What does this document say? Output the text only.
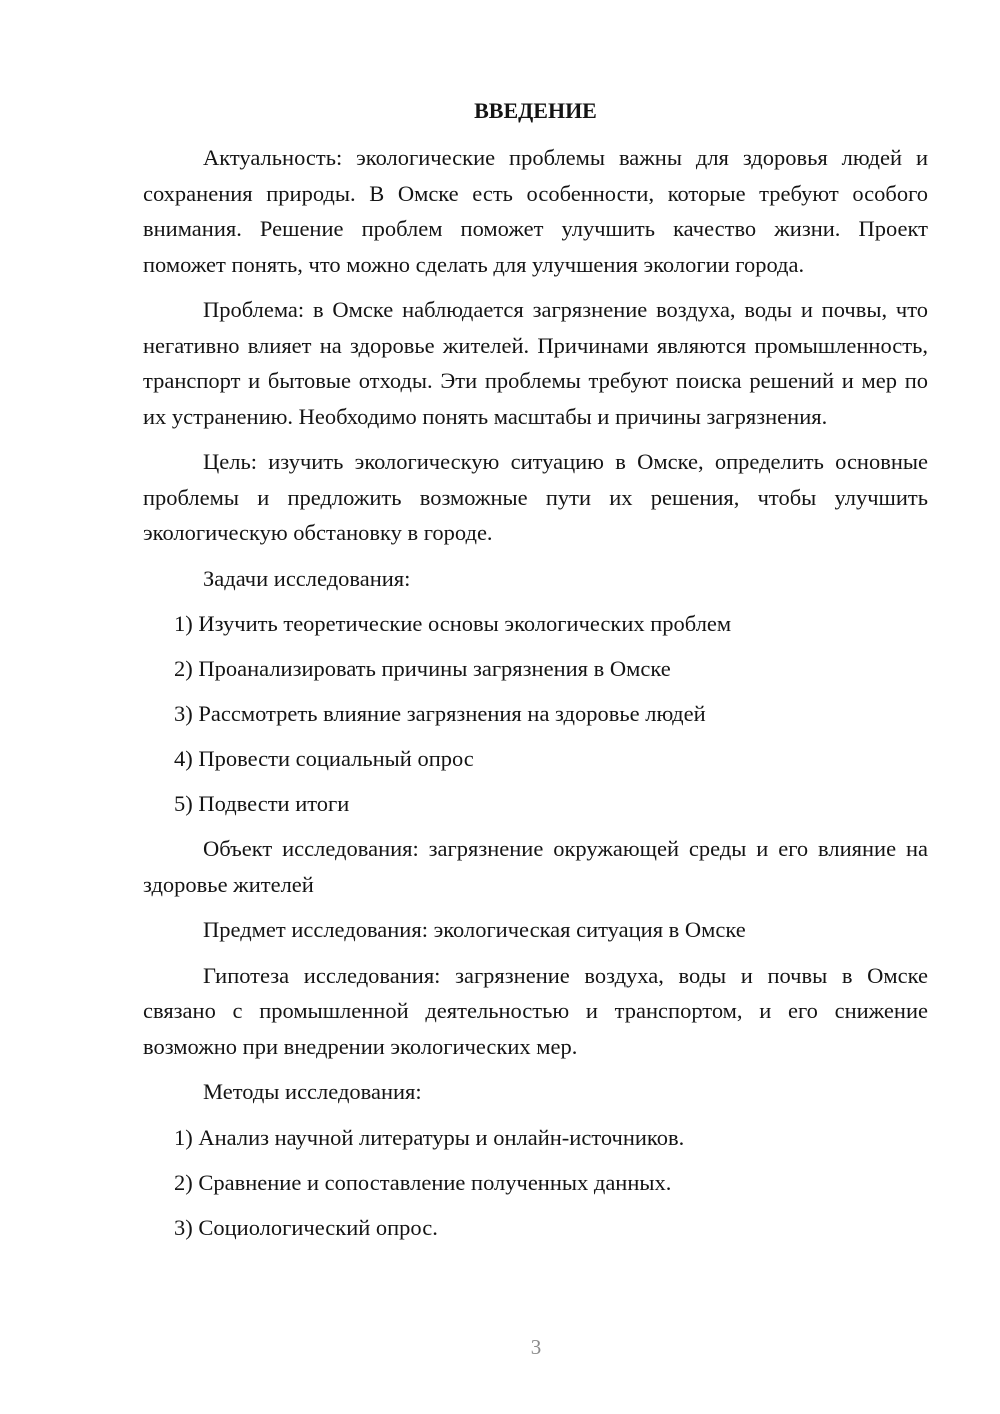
ВВЕДЕНИЕ

Актуальность: экологические проблемы важны для здоровья людей и сохранения природы. В Омске есть особенности, которые требуют особого внимания. Решение проблем поможет улучшить качество жизни. Проект поможет понять, что можно сделать для улучшения экологии города.

Проблема: в Омске наблюдается загрязнение воздуха, воды и почвы, что негативно влияет на здоровье жителей. Причинами являются промышленность, транспорт и бытовые отходы. Эти проблемы требуют поиска решений и мер по их устранению. Необходимо понять масштабы и причины загрязнения.

Цель: изучить экологическую ситуацию в Омске, определить основные проблемы и предложить возможные пути их решения, чтобы улучшить экологическую обстановку в городе.

Задачи исследования:
1) Изучить теоретические основы экологических проблем
2) Проанализировать причины загрязнения в Омске
3) Рассмотреть влияние загрязнения на здоровье людей
4) Провести социальный опрос
5) Подвести итоги

Объект исследования: загрязнение окружающей среды и его влияние на здоровье жителей

Предмет исследования: экологическая ситуация в Омске

Гипотеза исследования: загрязнение воздуха, воды и почвы в Омске связано с промышленной деятельностью и транспортом, и его снижение возможно при внедрении экологических мер.

Методы исследования:
1) Анализ научной литературы и онлайн-источников.
2) Сравнение и сопоставление полученных данных.
3) Социологический опрос.
3
